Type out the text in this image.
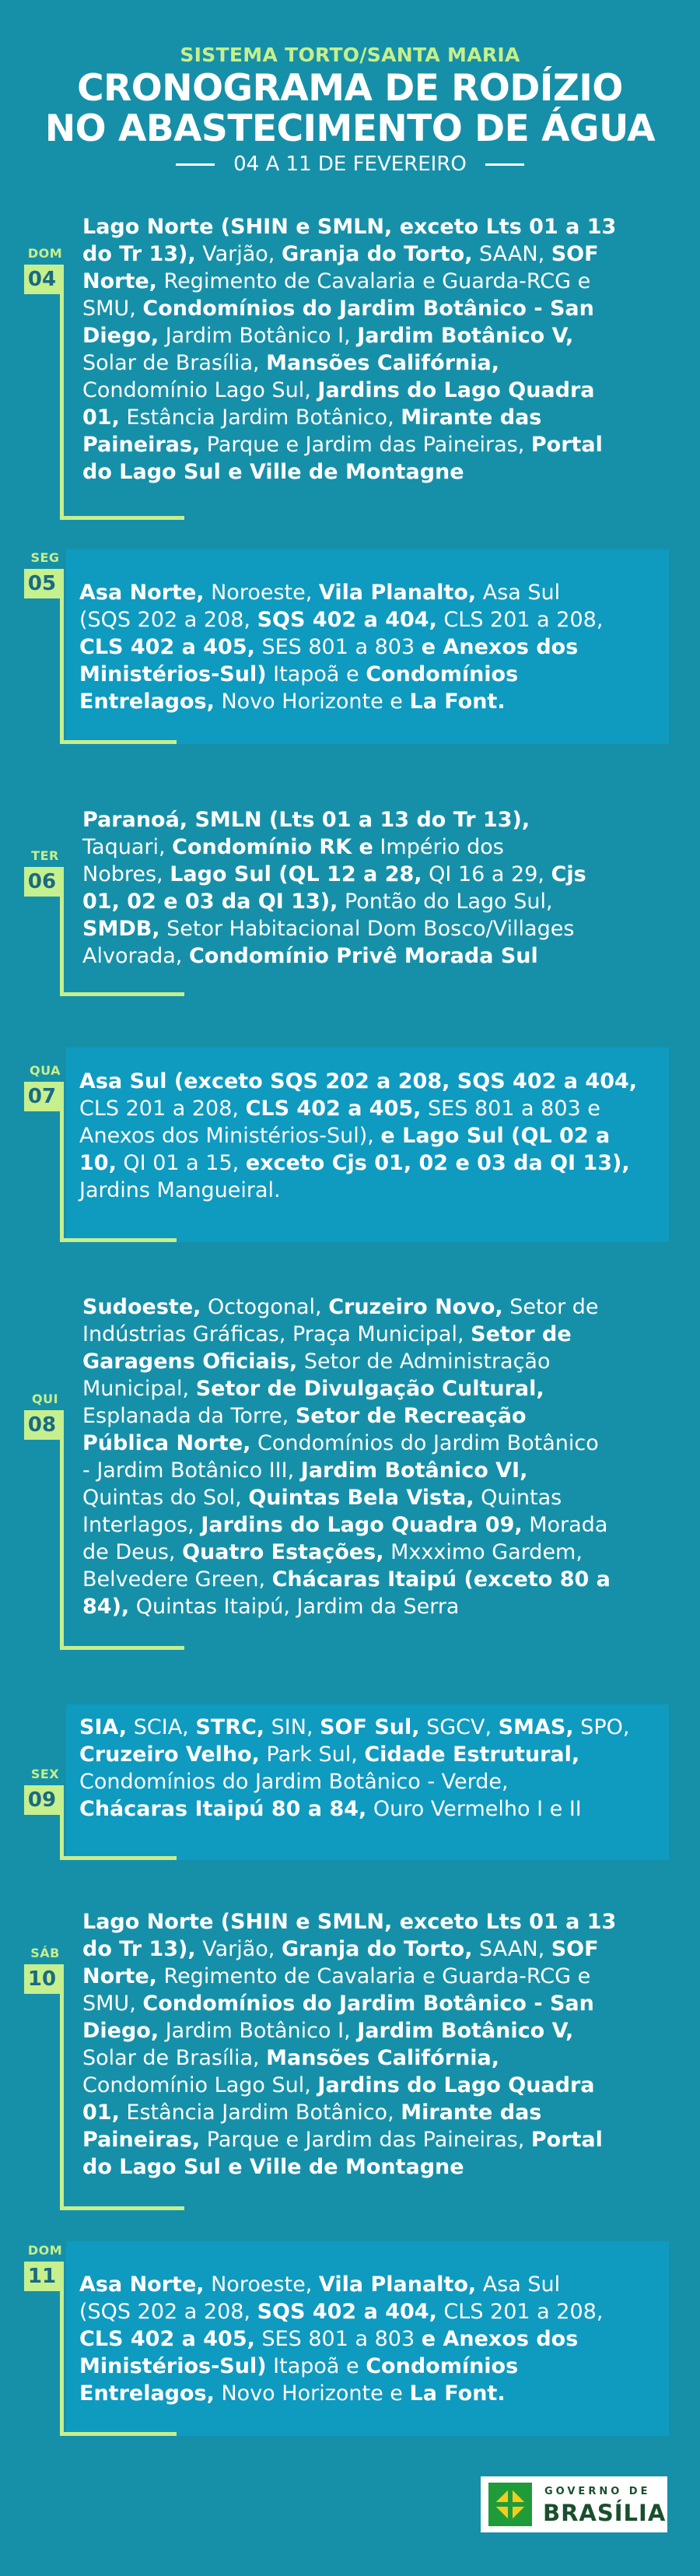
SISTEMA TORTO/SANTA MARIA
CRONOGRAMA DE RODÍZIO
NO ABASTECIMENTO DE ÁGUA
04 A 11 DE FEVEREIRO
DOM
04
Lago Norte (SHIN e SMLN, exceto Lts 01 a 13
do Tr 13), Varjão, Granja do Torto, SAAN, SOF
Norte, Regimento de Cavalaria e Guarda-RCG e
SMU, Condomínios do Jardim Botânico - San
Diego, Jardim Botânico I, Jardim Botânico V,
Solar de Brasília, Mansões Califórnia,
Condomínio Lago Sul, Jardins do Lago Quadra
01, Estância Jardim Botânico, Mirante das
Paineiras, Parque e Jardim das Paineiras, Portal
do Lago Sul e Ville de Montagne
SEG
05 Asa Norte, Noroeste, Vila Planalto, Asa Sul
(SQS 202 a 208, SQS 402 a 404, CLS 201 a 208,
CLS 402 a 405, SES 801 a 803 e Anexos dos
Ministérios-Sul) Itapoã e Condomínios
Entrelagos, Novo Horizonte e La Font.
TER
06
Paranoá, SMLN (Lts 01 a 13 do Tr 13),
Taquari, Condomínio RK e Império dos
Nobres, Lago Sul (QL 12 a 28, QI 16 a 29, Cjs
01, 02 e 03 da QI 13), Pontão do Lago Sul,
SMDB, Setor Habitacional Dom Bosco/Villages
Alvorada, Condomínio Privê Morada Sul
QUA
07
Asa Sul (exceto SQS 202 a 208, SQS 402 a 404,
CLS 201 a 208, CLS 402 a 405, SES 801 a 803 e
Anexos dos Ministérios-Sul), e Lago Sul (QL 02 a
10, QI 01 a 15, exceto Cjs 01, 02 e 03 da QI 13),
Jardins Mangueiral.
QUI
08
Sudoeste, Octogonal, Cruzeiro Novo, Setor de
Indústrias Gráficas, Praça Municipal, Setor de
Garagens Oficiais, Setor de Administração
Municipal, Setor de Divulgação Cultural,
Esplanada da Torre, Setor de Recreação
Pública Norte, Condomínios do Jardim Botânico
- Jardim Botânico III, Jardim Botânico VI,
Quintas do Sol, Quintas Bela Vista, Quintas
Interlagos, Jardins do Lago Quadra 09, Morada
de Deus, Quatro Estações, Mxxximo Gardem,
Belvedere Green, Chácaras Itaipú (exceto 80 a
84), Quintas Itaipú, Jardim da Serra
SEX
09
SIA, SCIA, STRC, SIN, SOF Sul, SGCV, SMAS, SPO,
Cruzeiro Velho, Park Sul, Cidade Estrutural,
Condomínios do Jardim Botânico - Verde,
Chácaras Itaipú 80 a 84, Ouro Vermelho I e II
SÁB
10
Lago Norte (SHIN e SMLN, exceto Lts 01 a 13
do Tr 13), Varjão, Granja do Torto, SAAN, SOF
Norte, Regimento de Cavalaria e Guarda-RCG e
SMU, Condomínios do Jardim Botânico - San
Diego, Jardim Botânico I, Jardim Botânico V,
Solar de Brasília, Mansões Califórnia,
Condomínio Lago Sul, Jardins do Lago Quadra
01, Estância Jardim Botânico, Mirante das
Paineiras, Parque e Jardim das Paineiras, Portal
do Lago Sul e Ville de Montagne
DOM
11 Asa Norte, Noroeste, Vila Planalto, Asa Sul
(SQS 202 a 208, SQS 402 a 404, CLS 201 a 208,
CLS 402 a 405, SES 801 a 803 e Anexos dos
Ministérios-Sul) Itapoã e Condomínios
Entrelagos, Novo Horizonte e La Font.
GOVERNO DE
BRASÍLIA
